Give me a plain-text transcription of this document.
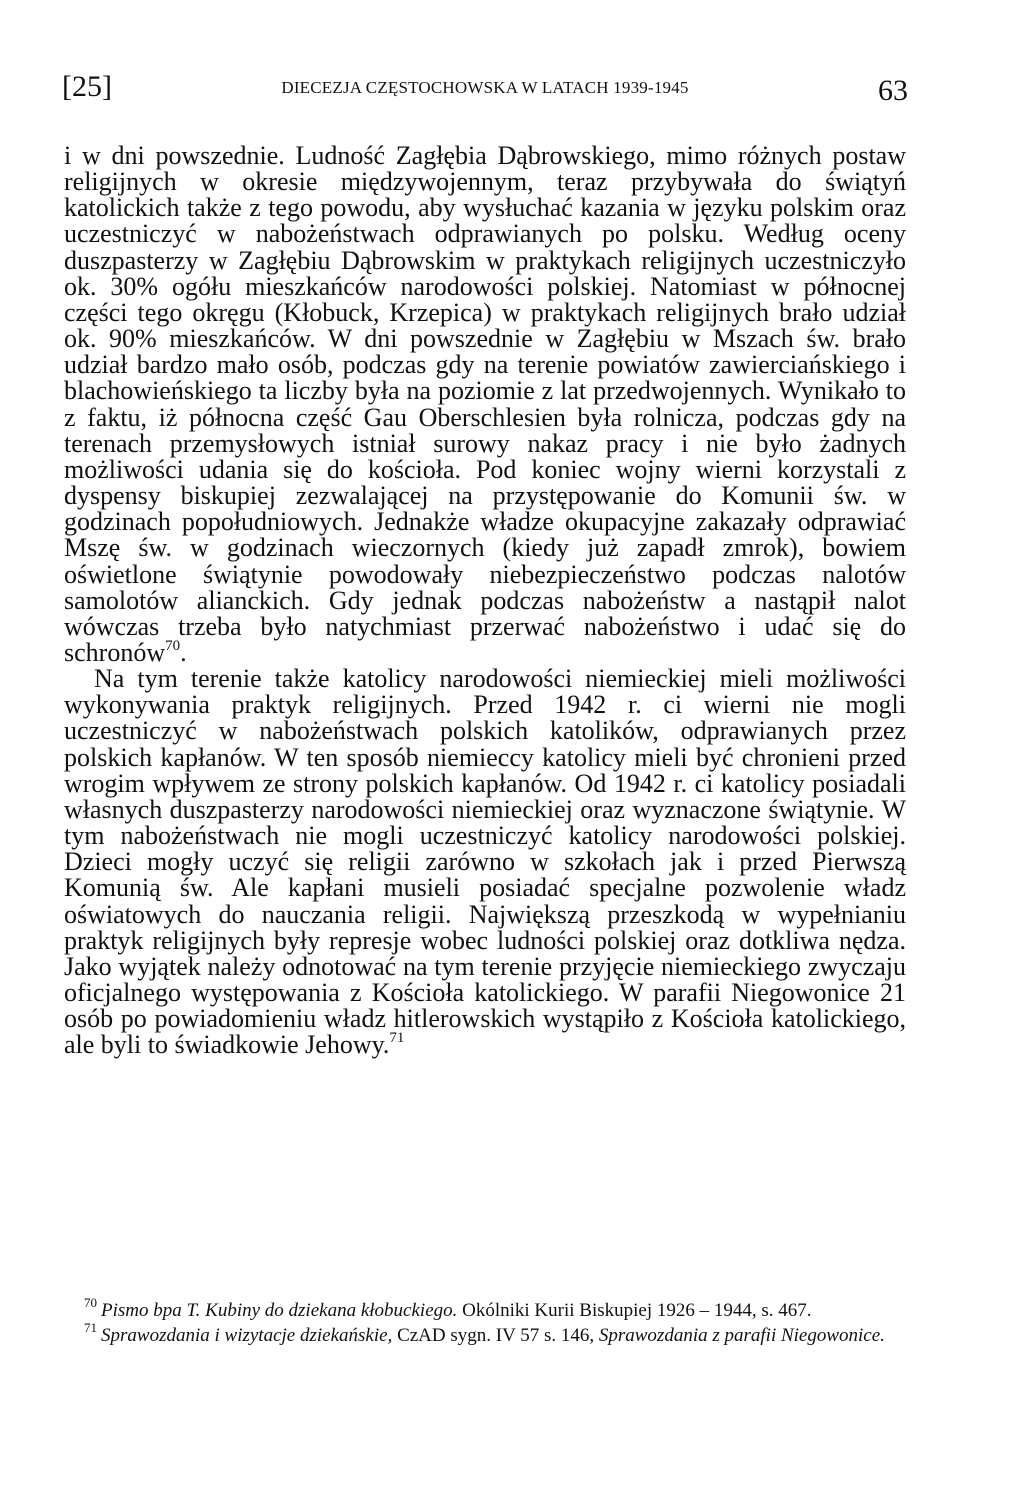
[25]	DIECEZJA CZĘSTOCHOWSKA W LATACH 1939-1945	63

i w dni powszednie. Ludność Zagłębia Dąbrowskiego, mimo różnych postaw religijnych w okresie międzywojennym, teraz przybywała do świątyń katolickich także z tego powodu, aby wysłuchać kazania w języku polskim oraz uczestniczyć w nabożeństwach odprawianych po polsku. Według oceny duszpasterzy w Zagłębiu Dąbrowskim w praktykach religijnych uczestniczyło ok. 30% ogółu mieszkańców narodowości polskiej. Natomiast w północnej części tego okręgu (Kłobuck, Krzepica) w praktykach religijnych brało udział ok. 90% mieszkańców. W dni powszednie w Zagłębiu w Mszach św. brało udział bardzo mało osób, podczas gdy na terenie powiatów zawierciańskiego i blachowieńskiego ta liczby była na poziomie z lat przedwojennych. Wynikało to z faktu, iż północna część Gau Oberschlesien była rolnicza, podczas gdy na terenach przemysłowych istniał surowy nakaz pracy i nie było żadnych możliwości udania się do kościoła. Pod koniec wojny wierni korzystali z dyspensy biskupiej zezwalającej na przystępowanie do Komunii św. w godzinach popołudniowych. Jednakże władze okupacyjne zakazały odprawiać Mszę św. w godzinach wieczornych (kiedy już zapadł zmrok), bowiem oświetlone świątynie powodowały niebezpieczeństwo podczas nalotów samolotów alianckich. Gdy jednak podczas nabożeństw a nastąpił nalot wówczas trzeba było natychmiast przerwać nabożeństwo i udać się do schronów$^{70}$.

Na tym terenie także katolicy narodowości niemieckiej mieli możliwości wykonywania praktyk religijnych. Przed 1942 r. ci wierni nie mogli uczestniczyć w nabożeństwach polskich katolików, odprawianych przez polskich kapłanów. W ten sposób niemieccy katolicy mieli być chronieni przed wrogim wpływem ze strony polskich kapłanów. Od 1942 r. ci katolicy posiadali własnych duszpasterzy narodowości niemieckiej oraz wyznaczone świątynie. W tym nabożeństwach nie mogli uczestniczyć katolicy narodowości polskiej. Dzieci mogły uczyć się religii zarówno w szkołach jak i przed Pierwszą Komunią św. Ale kapłani musieli posiadać specjalne pozwolenie władz oświatowych do nauczania religii. Największą przeszkodą w wypełnianiu praktyk religijnych były represje wobec ludności polskiej oraz dotkliwa nędza. Jako wyjątek należy odnotować na tym terenie przyjęcie niemieckiego zwyczaju oficjalnego występowania z Kościoła katolickiego. W parafii Niegowonice 21 osób po powiadomieniu władz hitlerowskich wystąpiło z Kościoła katolickiego, ale byli to świadkowie Jehowy.$^{71}$

$^{70}$ Pismo bpa T. Kubiny do dziekana kłobuckiego. Okólniki Kurii Biskupiej 1926 – 1944, s. 467.

$^{71}$ Sprawozdania i wizytacje dziekańskie, CzAD sygn. IV 57 s. 146, Sprawozdania z parafii Niegowonice.
